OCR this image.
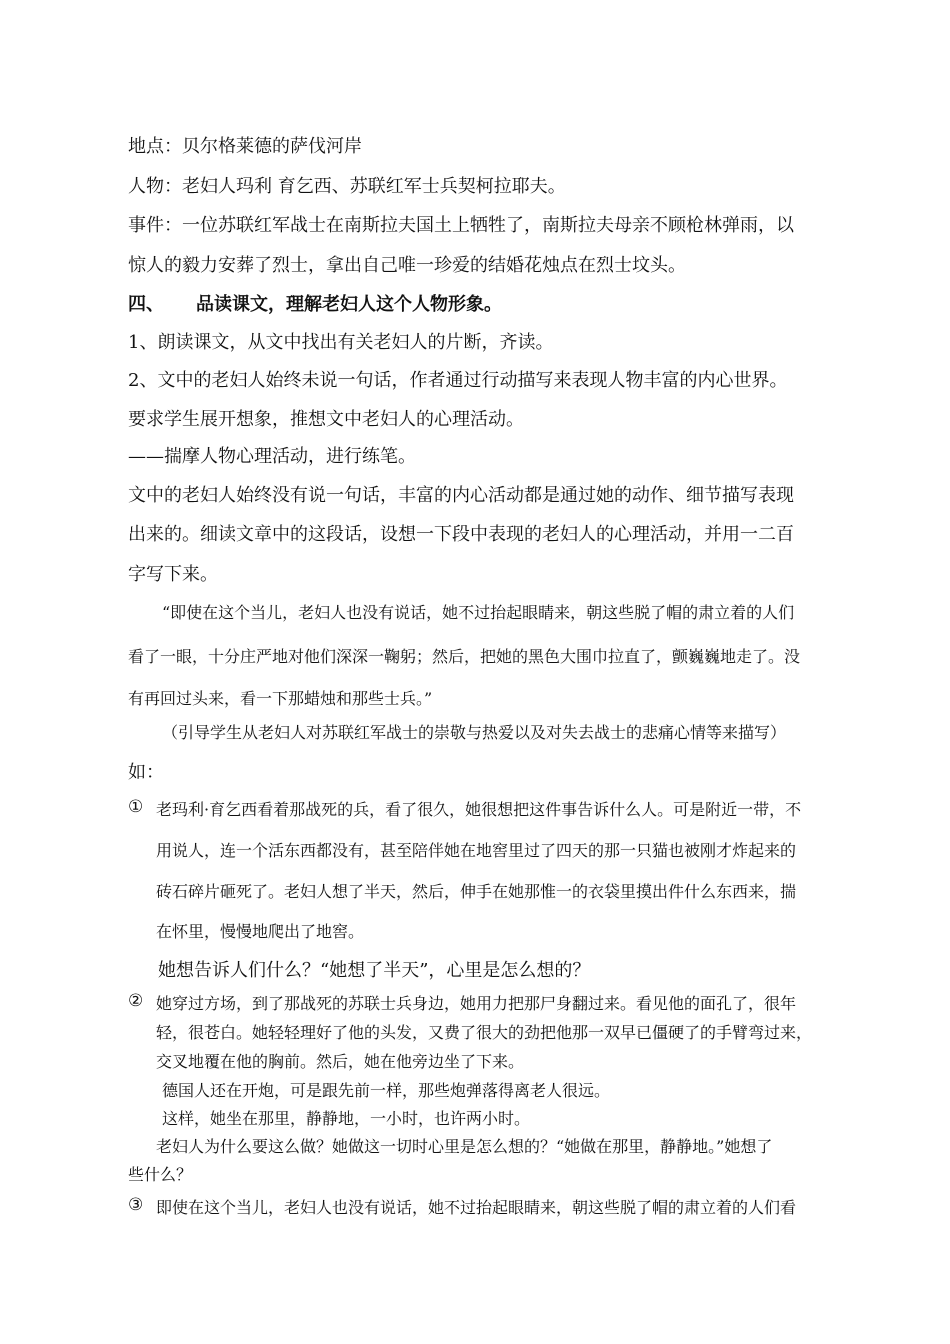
地点：贝尔格莱德的萨伐河岸
人物：老妇人玛利 育乞西、苏联红军士兵契柯拉耶夫。
事件：一位苏联红军战士在南斯拉夫国土上牺牲了，南斯拉夫母亲不顾枪林弹雨，以
惊人的毅力安葬了烈士，拿出自己唯一珍爱的结婚花烛点在烈士坟头。
四、 品读课文，理解老妇人这个人物形象。
1、朗读课文，从文中找出有关老妇人的片断，齐读。
2、文中的老妇人始终未说一句话，作者通过行动描写来表现人物丰富的内心世界。
要求学生展开想象，推想文中老妇人的心理活动。
——揣摩人物心理活动，进行练笔。
文中的老妇人始终没有说一句话，丰富的内心活动都是通过她的动作、细节描写表现
出来的。细读文章中的这段话，设想一下段中表现的老妇人的心理活动，并用一二百
字写下来。
“即使在这个当儿，老妇人也没有说话，她不过抬起眼睛来，朝这些脱了帽的肃立着的人们
看了一眼，十分庄严地对他们深深一鞠躬；然后，把她的黑色大围巾拉直了，颤巍巍地走了。没
有再回过头来，看一下那蜡烛和那些士兵。”
（引导学生从老妇人对苏联红军战士的崇敬与热爱以及对失去战士的悲痛心情等来描写）
如：
① 老玛利·育乞西看着那战死的兵，看了很久，她很想把这件事告诉什么人。可是附近一带，不
用说人，连一个活东西都没有，甚至陪伴她在地窖里过了四天的那一只猫也被刚才炸起来的
砖石碎片砸死了。老妇人想了半天，然后，伸手在她那惟一的衣袋里摸出件什么东西来，揣
在怀里，慢慢地爬出了地窖。
她想告诉人们什么？“她想了半天”，心里是怎么想的？
② 她穿过方场，到了那战死的苏联士兵身边，她用力把那尸身翻过来。看见他的面孔了，很年
轻，很苍白。她轻轻理好了他的头发，又费了很大的劲把他那一双早已僵硬了的手臂弯过来，
交叉地覆在他的胸前。然后，她在他旁边坐了下来。
德国人还在开炮，可是跟先前一样，那些炮弹落得离老人很远。
这样，她坐在那里，静静地，一小时，也许两小时。
老妇人为什么要这么做？她做这一切时心里是怎么想的？“她做在那里，静静地。”她想了
些什么？
③ 即使在这个当儿，老妇人也没有说话，她不过抬起眼睛来，朝这些脱了帽的肃立着的人们看
